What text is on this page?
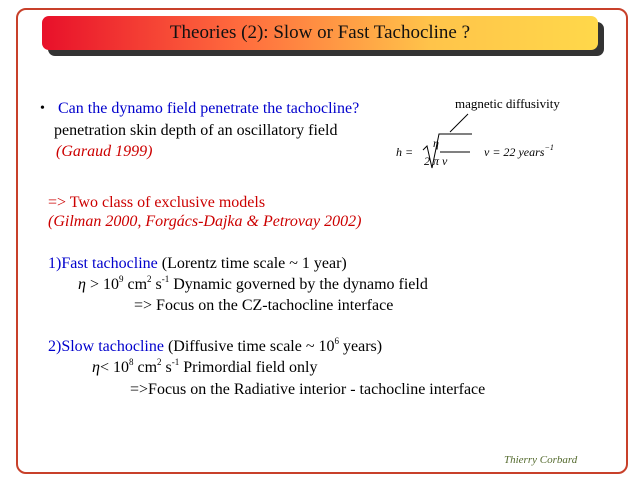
Theories (2): Slow or Fast Tachocline ?
• Can the dynamo field penetrate the tachocline?
penetration skin depth of an oscillatory field
(Garaud 1999)
magnetic diffusivity
h =
η
2 π ν
ν = 22 years$^{-1}$
=> Two class of exclusive models
(Gilman 2000, Forgács-Dajka & Petrovay 2002)
1)Fast tachocline (Lorentz time scale ~ 1 year)
$\eta > 10^9$ $cm^2$ $s^{-1}$ Dynamic governed by the dynamo field
=> Focus on the CZ-tachocline interface
2)Slow tachocline (Diffusive time scale ~ $10^6$ years)
$\eta< 10^8$ $cm^2$ $s^{-1}$ Primordial field only
=>Focus on the Radiative interior - tachocline interface
Thierry Corbard
